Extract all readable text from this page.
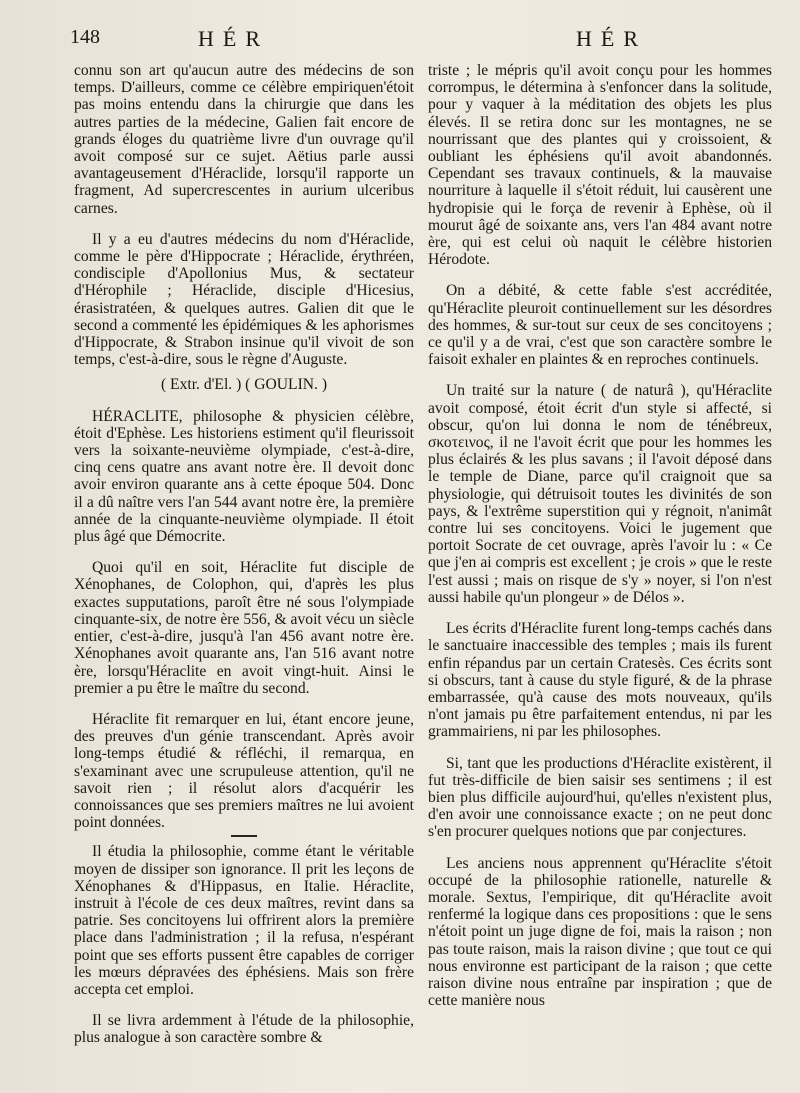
148	HÉR	HÉR

connu son art qu'aucun autre des médecins de son temps. D'ailleurs, comme ce célèbre empiriquen'étoit pas moins entendu dans la chirurgie que dans les autres parties de la médecine, Galien fait encore de grands éloges du quatrième livre d'un ouvrage qu'il avoit composé sur ce sujet. Aëtius parle aussi avantageusement d'Héraclide, lorsqu'il rapporte un fragment, Ad supercrescentes in aurium ulceribus carnes.

Il y a eu d'autres médecins du nom d'Héraclide, comme le père d'Hippocrate ; Héraclide, érythréen, condisciple d'Apollonius Mus, & sectateur d'Hérophile ; Héraclide, disciple d'Hicesius, érasistratéen, & quelques autres. Galien dit que le second a commenté les épidémiques & les aphorismes d'Hippocrate, & Strabon insinue qu'il vivoit de son temps, c'est-à-dire, sous le règne d'Auguste.

( Extr. d'El. ) ( GOULIN. )

HÉRACLITE, philosophe & physicien célèbre, étoit d'Ephèse. Les historiens estiment qu'il fleurissoit vers la soixante-neuvième olympiade, c'est-à-dire, cinq cens quatre ans avant notre ère. Il devoit donc avoir environ quarante ans à cette époque 504. Donc il a dû naître vers l'an 544 avant notre ère, la première année de la cinquante-neuvième olympiade. Il étoit plus âgé que Démocrite.

Quoi qu'il en soit, Héraclite fut disciple de Xénophanes, de Colophon, qui, d'après les plus exactes supputations, paroît être né sous l'olympiade cinquante-six, de notre ère 556, & avoit vécu un siècle entier, c'est-à-dire, jusqu'à l'an 456 avant notre ère. Xénophanes avoit quarante ans, l'an 516 avant notre ère, lorsqu'Héraclite en avoit vingt-huit. Ainsi le premier a pu être le maître du second.

Héraclite fit remarquer en lui, étant encore jeune, des preuves d'un génie transcendant. Après avoir long-temps étudié & réfléchi, il remarqua, en s'examinant avec une scrupuleuse attention, qu'il ne savoit rien ; il résolut alors d'acquérir les connoissances que ses premiers maîtres ne lui avoient point données.

Il étudia la philosophie, comme étant le véritable moyen de dissiper son ignorance. Il prit les leçons de Xénophanes & d'Hippasus, en Italie. Héraclite, instruit à l'école de ces deux maîtres, revint dans sa patrie. Ses concitoyens lui offrirent alors la première place dans l'administration ; il la refusa, n'espérant point que ses efforts pussent être capables de corriger les mœurs dépravées des éphésiens. Mais son frère accepta cet emploi.

Il se livra ardemment à l'étude de la philosophie, plus analogue à son caractère sombre &

triste ; le mépris qu'il avoit conçu pour les hommes corrompus, le détermina à s'enfoncer dans la solitude, pour y vaquer à la méditation des objets les plus élevés. Il se retira donc sur les montagnes, ne se nourrissant que des plantes qui y croissoient, & oubliant les éphésiens qu'il avoit abandonnés. Cependant ses travaux continuels, & la mauvaise nourriture à laquelle il s'étoit réduit, lui causèrent une hydropisie qui le força de revenir à Ephèse, où il mourut âgé de soixante ans, vers l'an 484 avant notre ère, qui est celui où naquit le célèbre historien Hérodote.

On a débité, & cette fable s'est accréditée, qu'Héraclite pleuroit continuellement sur les désordres des hommes, & sur-tout sur ceux de ses concitoyens ; ce qu'il y a de vrai, c'est que son caractère sombre le faisoit exhaler en plaintes & en reproches continuels.

Un traité sur la nature ( de naturâ ), qu'Héraclite avoit composé, étoit écrit d'un style si affecté, si obscur, qu'on lui donna le nom de ténébreux, σκοτεινος, il ne l'avoit écrit que pour les hommes les plus éclairés & les plus savans ; il l'avoit déposé dans le temple de Diane, parce qu'il craignoit que sa physiologie, qui détruisoit toutes les divinités de son pays, & l'extrême superstition qui y régnoit, n'animât contre lui ses concitoyens. Voici le jugement que portoit Socrate de cet ouvrage, après l'avoir lu : « Ce que j'en ai compris est excellent ; je crois » que le reste l'est aussi ; mais on risque de s'y » noyer, si l'on n'est aussi habile qu'un plongeur » de Délos ».

Les écrits d'Héraclite furent long-temps cachés dans le sanctuaire inaccessible des temples ; mais ils furent enfin répandus par un certain Cratesès. Ces écrits sont si obscurs, tant à cause du style figuré, & de la phrase embarrassée, qu'à cause des mots nouveaux, qu'ils n'ont jamais pu être parfaitement entendus, ni par les grammairiens, ni par les philosophes.

Si, tant que les productions d'Héraclite existèrent, il fut très-difficile de bien saisir ses sentimens ; il est bien plus difficile aujourd'hui, qu'elles n'existent plus, d'en avoir une connoissance exacte ; on ne peut donc s'en procurer quelques notions que par conjectures.

Les anciens nous apprennent qu'Héraclite s'étoit occupé de la philosophie rationelle, naturelle & morale. Sextus, l'empirique, dit qu'Héraclite avoit renfermé la logique dans ces propositions : que le sens n'étoit point un juge digne de foi, mais la raison ; non pas toute raison, mais la raison divine ; que tout ce qui nous environne est participant de la raison ; que cette raison divine nous entraîne par inspiration ; que de cette manière nous
